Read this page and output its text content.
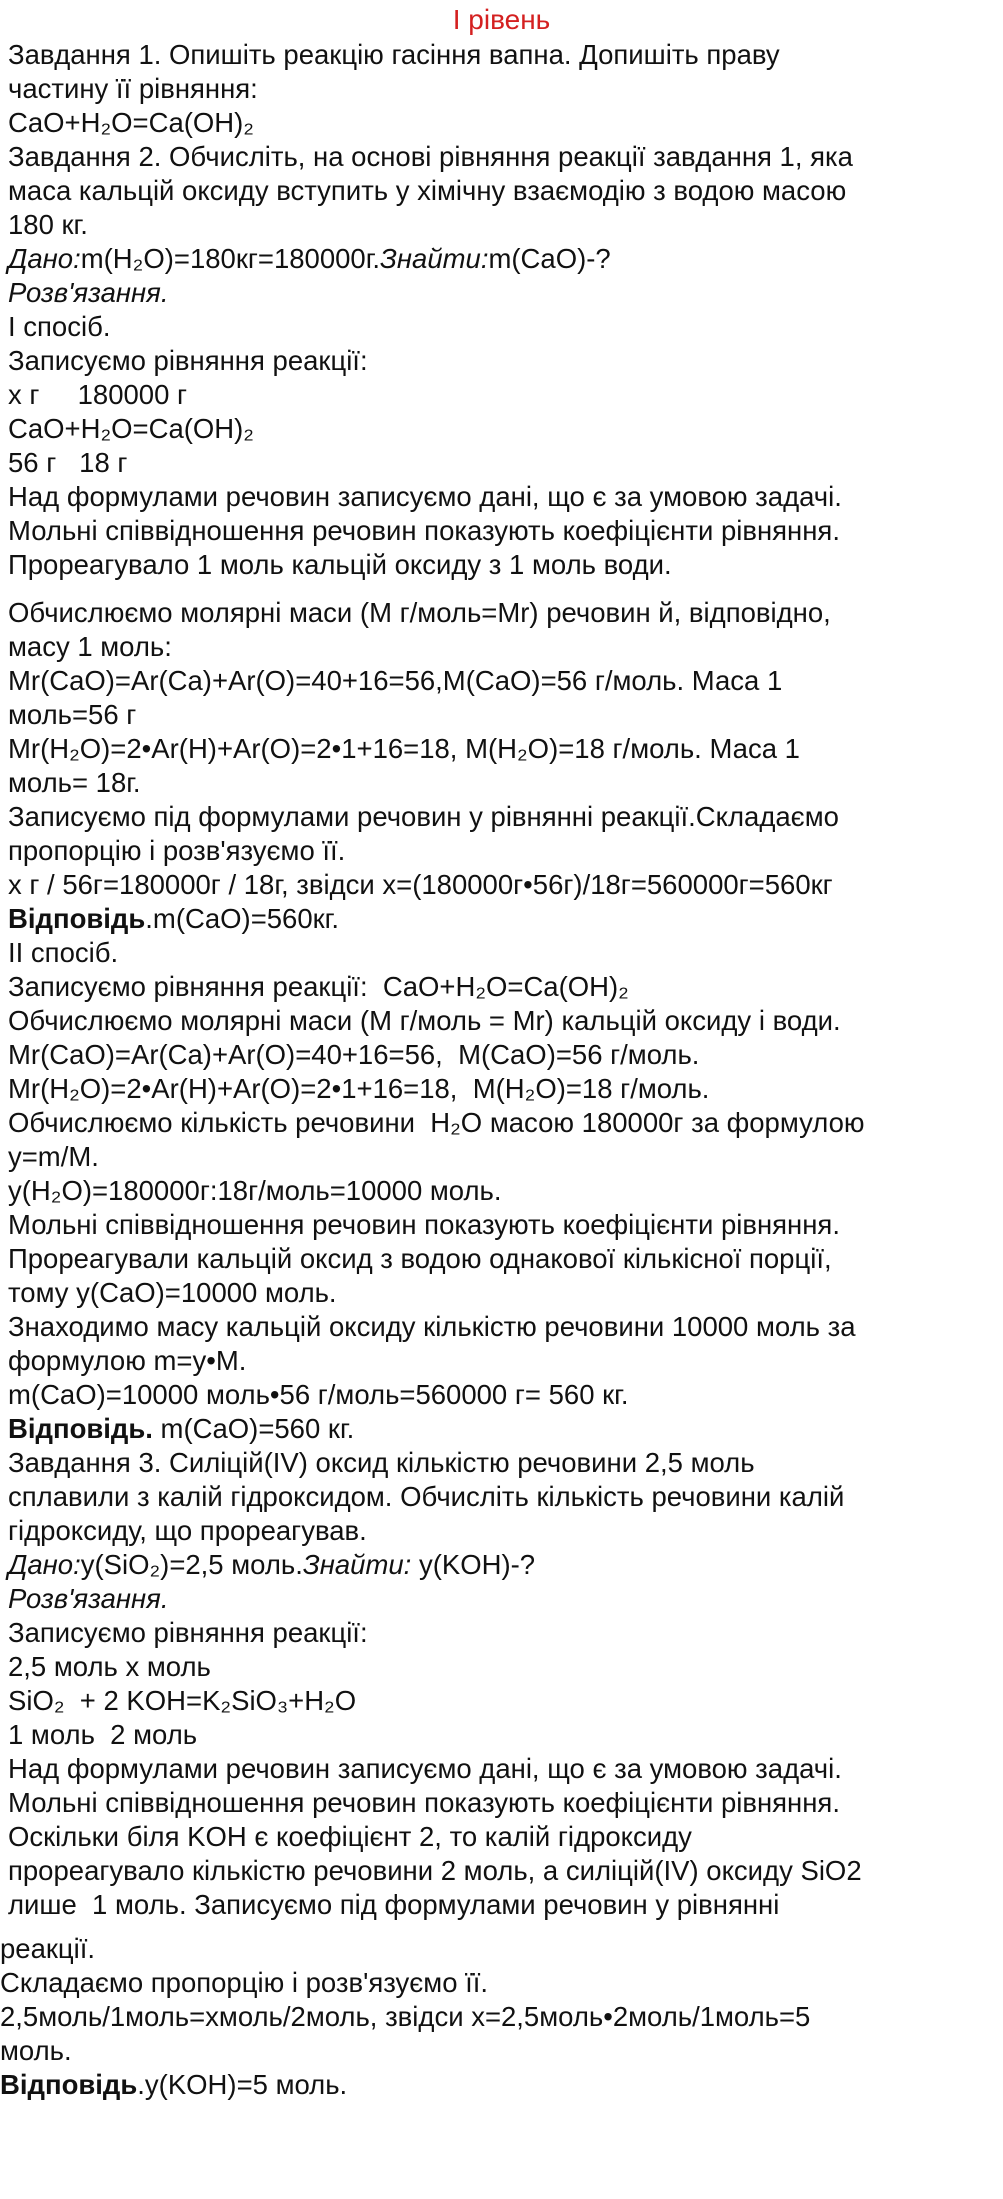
І рівень
Завдання 1. Опишіть реакцію гасіння вапна. Допишіть праву
частину її рівняння:
CaO+H₂O=Ca(OH)₂
Завдання 2. Обчисліть, на основі рівняння реакції завдання 1, яка
маса кальцій оксиду вступить у хімічну взаємодію з водою масою
180 кг.
Дано:m(H₂O)=180кг=180000г.Знайти:m(CaO)-?
Розв'язання.
І спосіб.
Записуємо рівняння реакції:
x г     180000 г
CaO+H₂O=Ca(OH)₂
56 г   18 г
Над формулами речовин записуємо дані, що є за умовою задачі.
Мольні співвідношення речовин показують коефіцієнти рівняння.
Прореагувало 1 моль кальцій оксиду з 1 моль води.
Обчислюємо молярні маси (М г/моль=Mr) речовин й, відповідно,
масу 1 моль:
Mr(CaO)=Ar(Ca)+Ar(O)=40+16=56,M(CaO)=56 г/моль. Маса 1
моль=56 г
Mr(H₂O)=2•Ar(H)+Ar(O)=2•1+16=18, M(H₂O)=18 г/моль. Маса 1
моль= 18г.
Записуємо під формулами речовин у рівнянні реакції.Складаємо
пропорцію і розв'язуємо її.
x г / 56г=180000г / 18г, звідси х=(180000г•56г)/18г=560000г=560кг
Відповідь.m(CaO)=560кг.
ІІ спосіб.
Записуємо рівняння реакції:  CaO+H₂O=Ca(OH)₂
Обчислюємо молярні маси (M г/моль = Mr) кальцій оксиду і води.
Mr(CaO)=Ar(Ca)+Ar(O)=40+16=56,  M(CaO)=56 г/моль.
Mr(H₂O)=2•Ar(H)+Ar(O)=2•1+16=18,  M(H₂O)=18 г/моль.
Обчислюємо кількість речовини  H₂O масою 180000г за формулою
y=m/M.
y(H₂O)=180000г:18г/моль=10000 моль.
Мольні співвідношення речовин показують коефіцієнти рівняння.
Прореагували кальцій оксид з водою однакової кількісної порції,
тому y(CaO)=10000 моль.
Знаходимо масу кальцій оксиду кількістю речовини 10000 моль за
формулою m=y•M.
m(CaO)=10000 моль•56 г/моль=560000 г= 560 кг.
Відповідь. m(CaO)=560 кг.
Завдання 3. Силіцій(IV) оксид кількістю речовини 2,5 моль
сплавили з калій гідроксидом. Обчисліть кількість речовини калій
гідроксиду, що прореагував.
Дано:y(SiO₂)=2,5 моль.Знайти: y(KOH)-?
Розв'язання.
Записуємо рівняння реакції:
2,5 моль х моль
SiO₂  + 2 KOH=K₂SiO₃+H₂O
1 моль  2 моль
Над формулами речовин записуємо дані, що є за умовою задачі.
Мольні співвідношення речовин показують коефіцієнти рівняння.
Оскільки біля KOH є коефіцієнт 2, то калій гідроксиду
прореагувало кількістю речовини 2 моль, а силіцій(IV) оксиду SiO2
лише  1 моль. Записуємо під формулами речовин у рівнянні
реакції.
Складаємо пропорцію і розв'язуємо її.
2,5моль/1моль=хмоль/2моль, звідси х=2,5моль•2моль/1моль=5
моль.
Відповідь.y(KOH)=5 моль.
